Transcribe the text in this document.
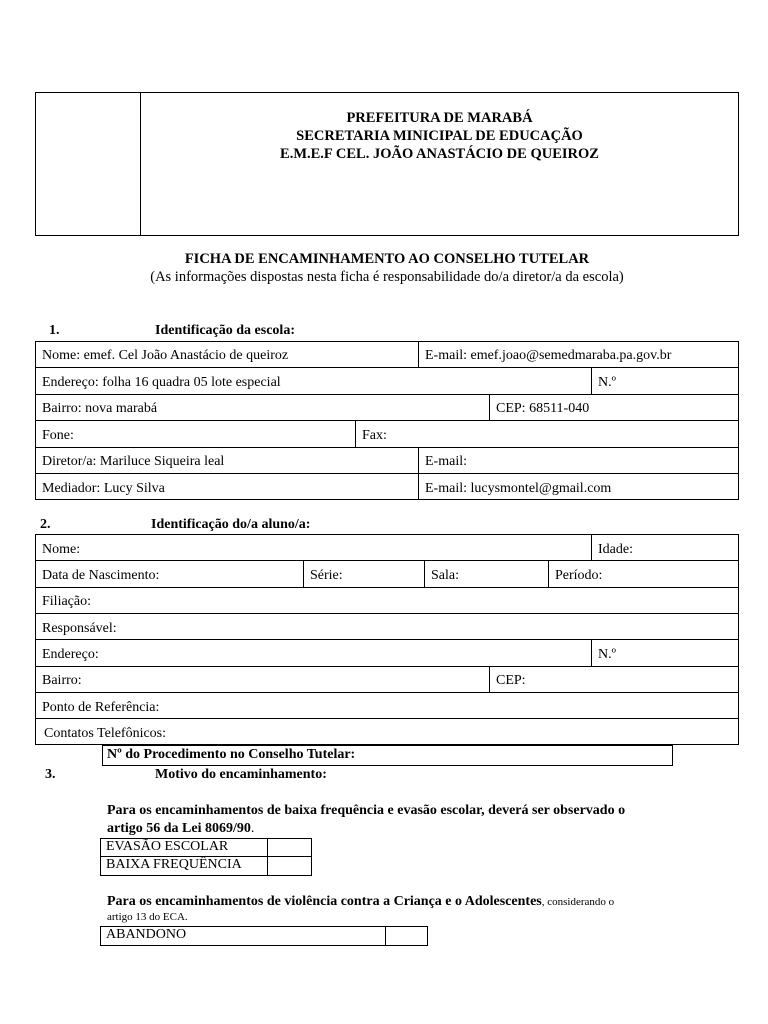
PREFEITURA DE MARABÁ
SECRETARIA MINICIPAL DE EDUCAÇÃO
E.M.E.F CEL. JOÃO ANASTÁCIO DE QUEIROZ
FICHA DE ENCAMINHAMENTO AO CONSELHO TUTELAR
(As informações dispostas nesta ficha é responsabilidade do/a diretor/a da escola)
1.	Identificação da escola:
Nome: emef. Cel João Anastácio de queiroz	E-mail: emef.joao@semedmaraba.pa.gov.br
Endereço: folha 16 quadra 05 lote especial	N.º
Bairro: nova marabá	CEP: 68511-040
Fone:	Fax:
Diretor/a: Mariluce Siqueira leal	E-mail:
Mediador: Lucy Silva	E-mail: lucysmontel@gmail.com
2.	Identificação do/a aluno/a:
Nome:	Idade:
Data de Nascimento:	Série:	Sala:	Período:
Filiação:
Responsável:
Endereço:	N.º
Bairro:	CEP:
Ponto de Referência:
Contatos Telefônicos:
Nº do Procedimento no Conselho Tutelar:
3.	Motivo do encaminhamento:
Para os encaminhamentos de baixa frequência e evasão escolar, deverá ser observado o
artigo 56 da Lei 8069/90.
EVASÃO ESCOLAR
BAIXA FREQUÊNCIA
Para os encaminhamentos de violência contra a Criança e o Adolescentes, considerando o
artigo 13 do ECA.
ABANDONO
